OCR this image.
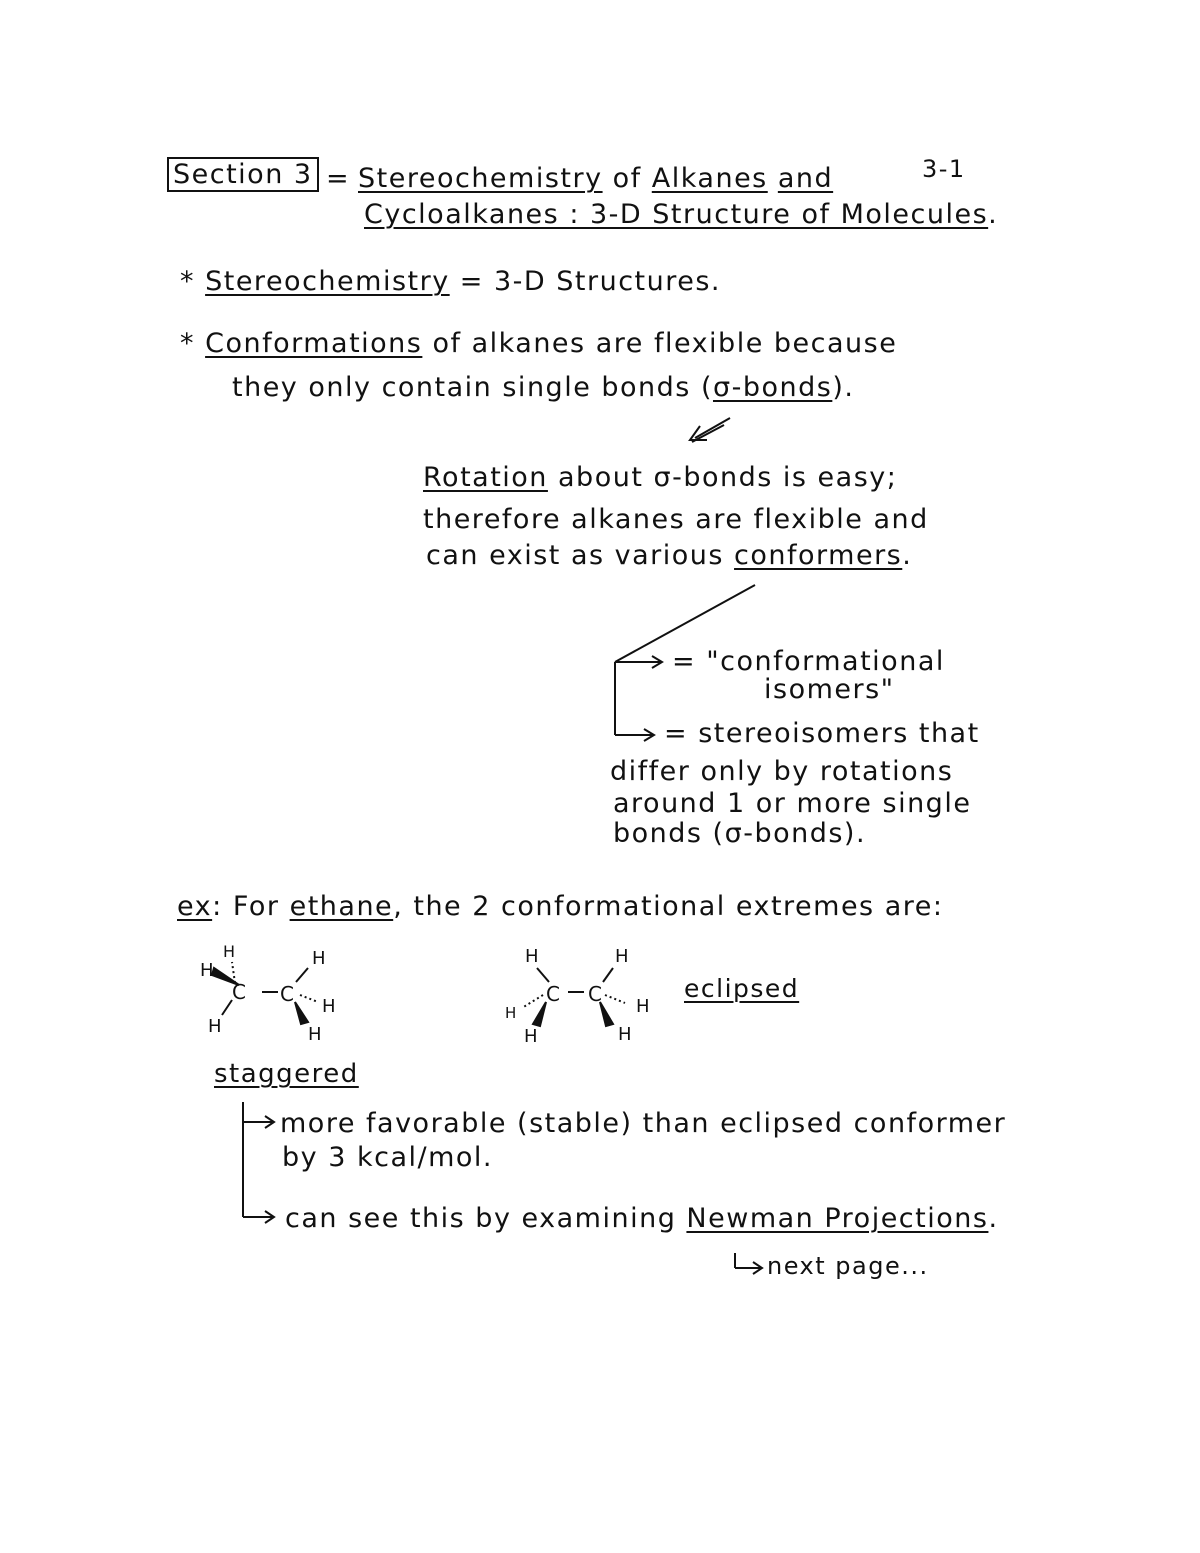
Section 3 = Stereochemistry of Alkanes and
Cycloalkanes : 3-D Structure of Molecules.
3-1
* Stereochemistry = 3-D Structures.
* Conformations of alkanes are flexible because
they only contain single bonds (σ-bonds).
Rotation about σ-bonds is easy;
therefore alkanes are flexible and
can exist as various conformers.
= "conformational
isomers"
= stereoisomers that
differ only by rotations
around 1 or more single
bonds (σ-bonds).
ex: For ethane, the 2 conformational extremes are:
H	H
H
C C
H
H	H
H	H
C C
H	H
H	H
eclipsed
staggered
more favorable (stable) than eclipsed conformer
by 3 kcal/mol.
can see this by examining Newman Projections.
next page...
